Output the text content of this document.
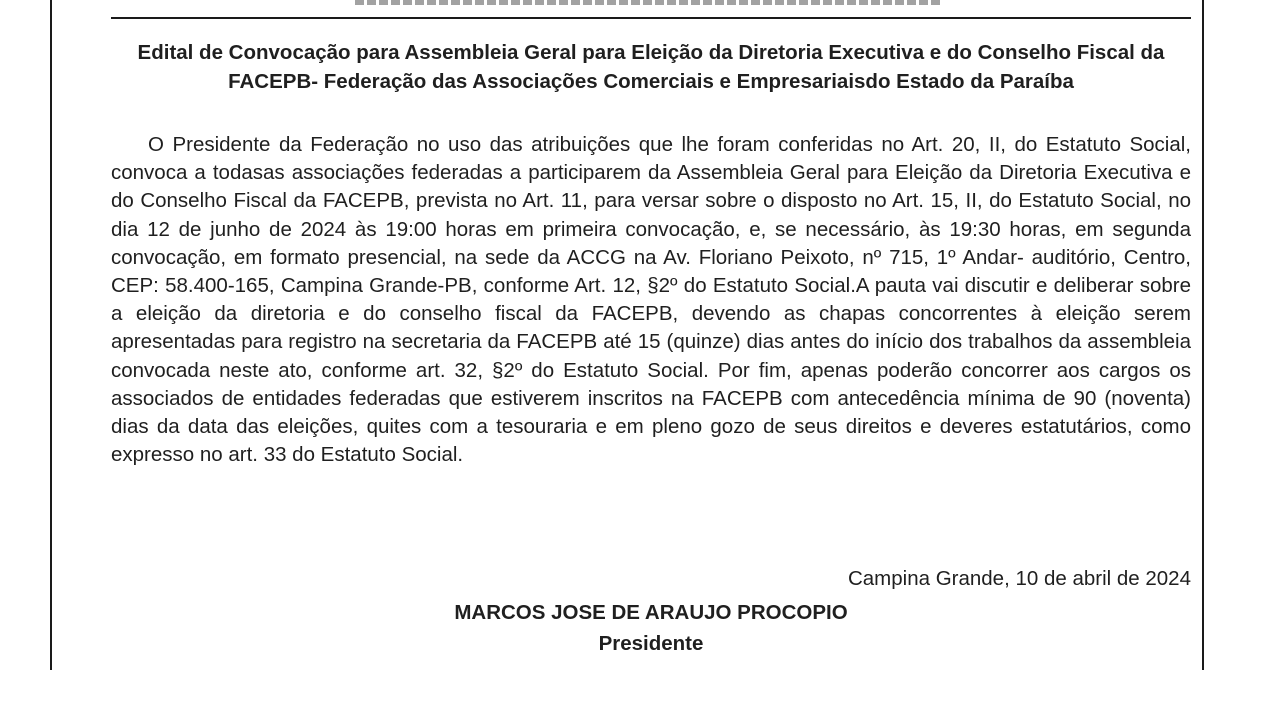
Edital de Convocação para Assembleia Geral para Eleição da Diretoria Executiva e do Conselho Fiscal da FACEPB- Federação das Associações Comerciais e Empresariaisdo Estado da Paraíba

O Presidente da Federação no uso das atribuições que lhe foram conferidas no Art. 20, II, do Estatuto Social, convoca a todasas associações federadas a participarem da Assembleia Geral para Eleição da Diretoria Executiva e do Conselho Fiscal da FACEPB, prevista no Art. 11, para versar sobre o disposto no Art. 15, II, do Estatuto Social, no dia 12 de junho de 2024 às 19:00 horas em primeira convocação, e, se necessário, às 19:30 horas, em segunda convocação, em formato presencial, na sede da ACCG na Av. Floriano Peixoto, nº 715, 1º Andar- auditório, Centro, CEP: 58.400-165, Campina Grande-PB, conforme Art. 12, §2º do Estatuto Social.A pauta vai discutir e deliberar sobre a eleição da diretoria e do conselho fiscal da FACEPB, devendo as chapas concorrentes à eleição serem apresentadas para registro na secretaria da FACEPB até 15 (quinze) dias antes do início dos trabalhos da assembleia convocada neste ato, conforme art. 32, §2º do Estatuto Social. Por fim, apenas poderão concorrer aos cargos os associados de entidades federadas que estiverem inscritos na FACEPB com antecedência mínima de 90 (noventa) dias da data das eleições, quites com a tesouraria e em pleno gozo de seus direitos e deveres estatutários, como expresso no art. 33 do Estatuto Social.

Campina Grande, 10 de abril de 2024

MARCOS JOSE DE ARAUJO PROCOPIO

Presidente
